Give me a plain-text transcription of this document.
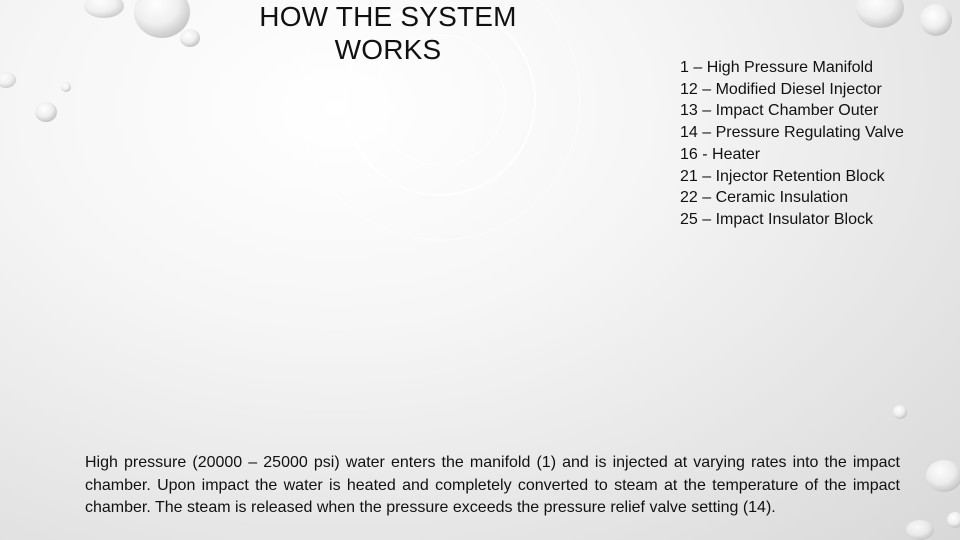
HOW THE SYSTEM WORKS
1 – High Pressure Manifold
12 – Modified Diesel Injector
13 – Impact Chamber Outer
14 – Pressure Regulating Valve
16 - Heater
21 – Injector Retention Block
22 – Ceramic Insulation
25 – Impact Insulator Block

High pressure (20000 – 25000 psi) water enters the manifold (1) and is injected at varying rates into the impact chamber. Upon impact the water is heated and completely converted to steam at the temperature of the impact chamber. The steam is released when the pressure exceeds the pressure relief valve setting (14).
